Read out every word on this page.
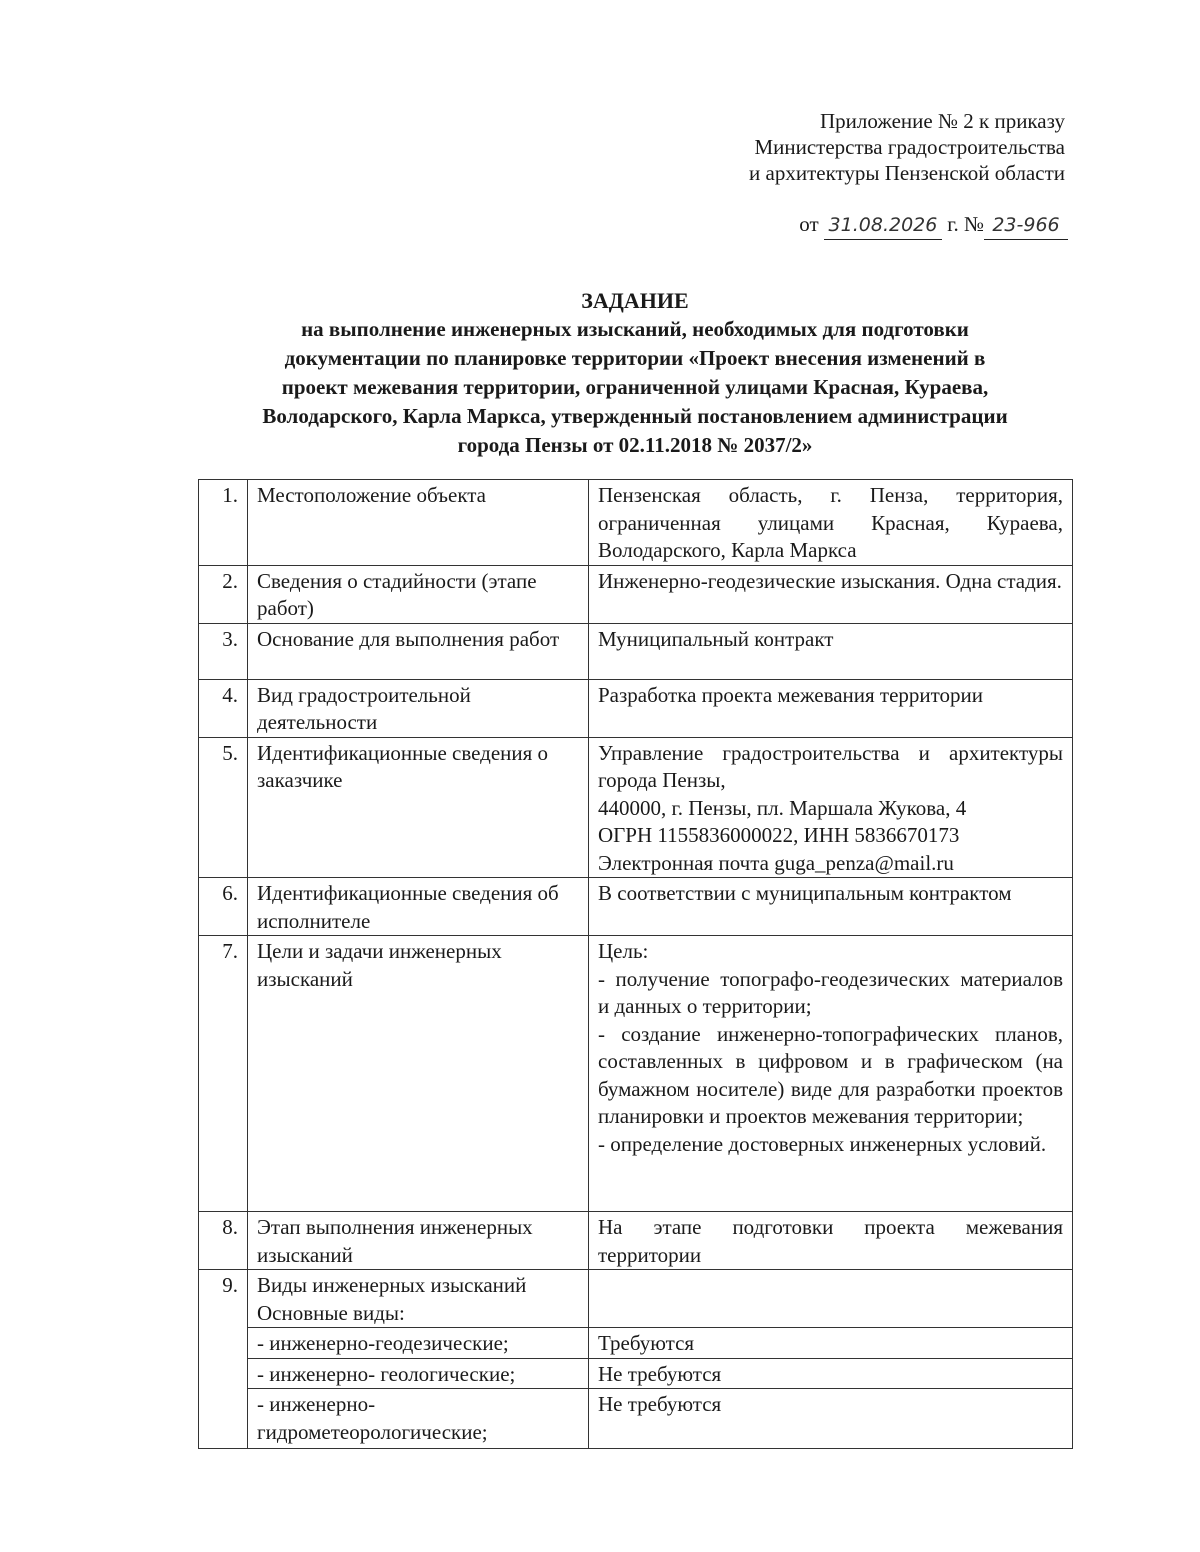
Приложение № 2 к приказу
Министерства градостроительства
и архитектуры Пензенской области
от 31.08.2026 г. № 23-966
ЗАДАНИЕ
на выполнение инженерных изысканий, необходимых для подготовки
документации по планировке территории «Проект внесения изменений в
проект межевания территории, ограниченной улицами Красная, Кураева,
Володарского, Карла Маркса, утвержденный постановлением администрации
города Пензы от 02.11.2018 № 2037/2»
1.	Местоположение объекта	Пензенская область, г. Пенза, территория, ограниченная улицами Красная, Кураева, Володарского, Карла Маркса
2.	Сведения о стадийности (этапе работ)	Инженерно-геодезические изыскания. Одна стадия.
3.	Основание для выполнения работ	Муниципальный контракт
4.	Вид градостроительной деятельности	Разработка проекта межевания территории
5.	Идентификационные сведения о заказчике	Управление градостроительства и архитектуры города Пензы,
440000, г. Пензы, пл. Маршала Жукова, 4
ОГРН 1155836000022, ИНН 5836670173
Электронная почта guga_penza@mail.ru

6.	Идентификационные сведения об исполнителе	В соответствии с муниципальным контрактом
7.	Цели и задачи инженерных изысканий	Цель:
- получение топографо-геодезических материалов и данных о территории;
- создание инженерно-топографических планов, составленных в цифровом и в графическом (на бумажном носителе) виде для разработки проектов планировки и проектов межевания территории;
- определение достоверных инженерных условий.

8.	Этап выполнения инженерных изысканий	На этапе подготовки проекта межевания территории
9.	Виды инженерных изысканий
Основные виды:	

	- инженерно-геодезические;	Требуются
	- инженерно- геологические;	Не требуются
	- инженерно-гидрометеорологические;	Не требуются
